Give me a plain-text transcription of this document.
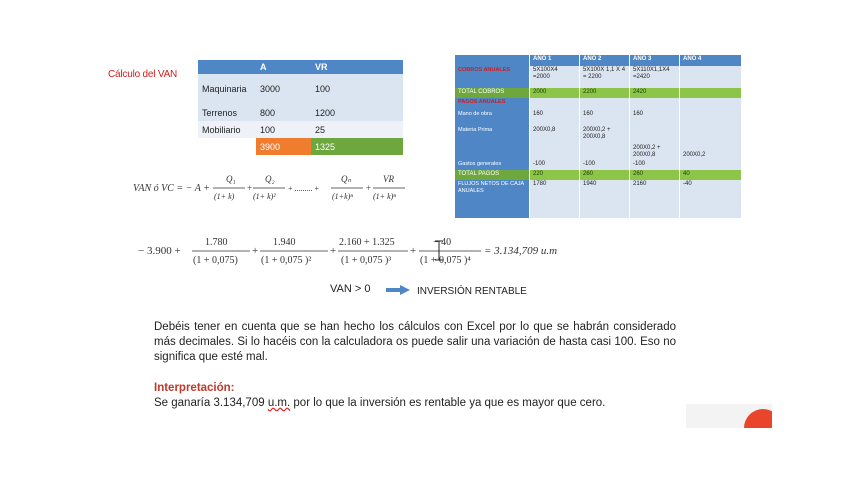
Cálculo del VAN
	A	VR
Maquinaria	3000	100
Terrenos	800	1200
Mobiliario	100	25
	3900	1325
	AÑO 1	AÑO 2	AÑO 3	AÑO 4
COBROS ANUALES	5X100X4 =2000	5X100X 1,1 X 4 = 2200	5X110X1,1X4 =2420	
TOTAL COBROS	2000	2200	2420	
PAGOS ANUALES				
Mano de obra	160	160	160	
Materia Prima	200X0,8	200X0,2 + 200X0,8	200X0,2 + 200X0,8	200X0,2
Gastos generales	-100	-100	-100	
TOTAL PAGOS	220	260	260	40
FLUJOS NETOS DE CAJA ANUALES	1780	1940	2160	-40
VAN ó VC = − A +
Q₁
(1+ k)
+
Q₂
(1+ k)²
+ ......... +
Qₙ
(1+k)ⁿ
+
VR
(1+ k)ⁿ
− 3.900 +
1.780
(1 + 0,075)
+
1.940
(1 + 0,075 )²
+
2.160 + 1.325
(1 + 0,075 )³
+
− 40
(1 + 0,075 )⁴
= 3.134,709 u.m
VAN > 0	INVERSIÓN RENTABLE
Debéis tener en cuenta que se han hecho los cálculos con Excel por lo que se habrán considerado más decimales. Si lo hacéis con la calculadora os puede salir una variación de hasta casi 100. Eso no significa que esté mal.
Interpretación:
Se ganaría 3.134,709 u.m. por lo que la inversión es rentable ya que es mayor que cero.
